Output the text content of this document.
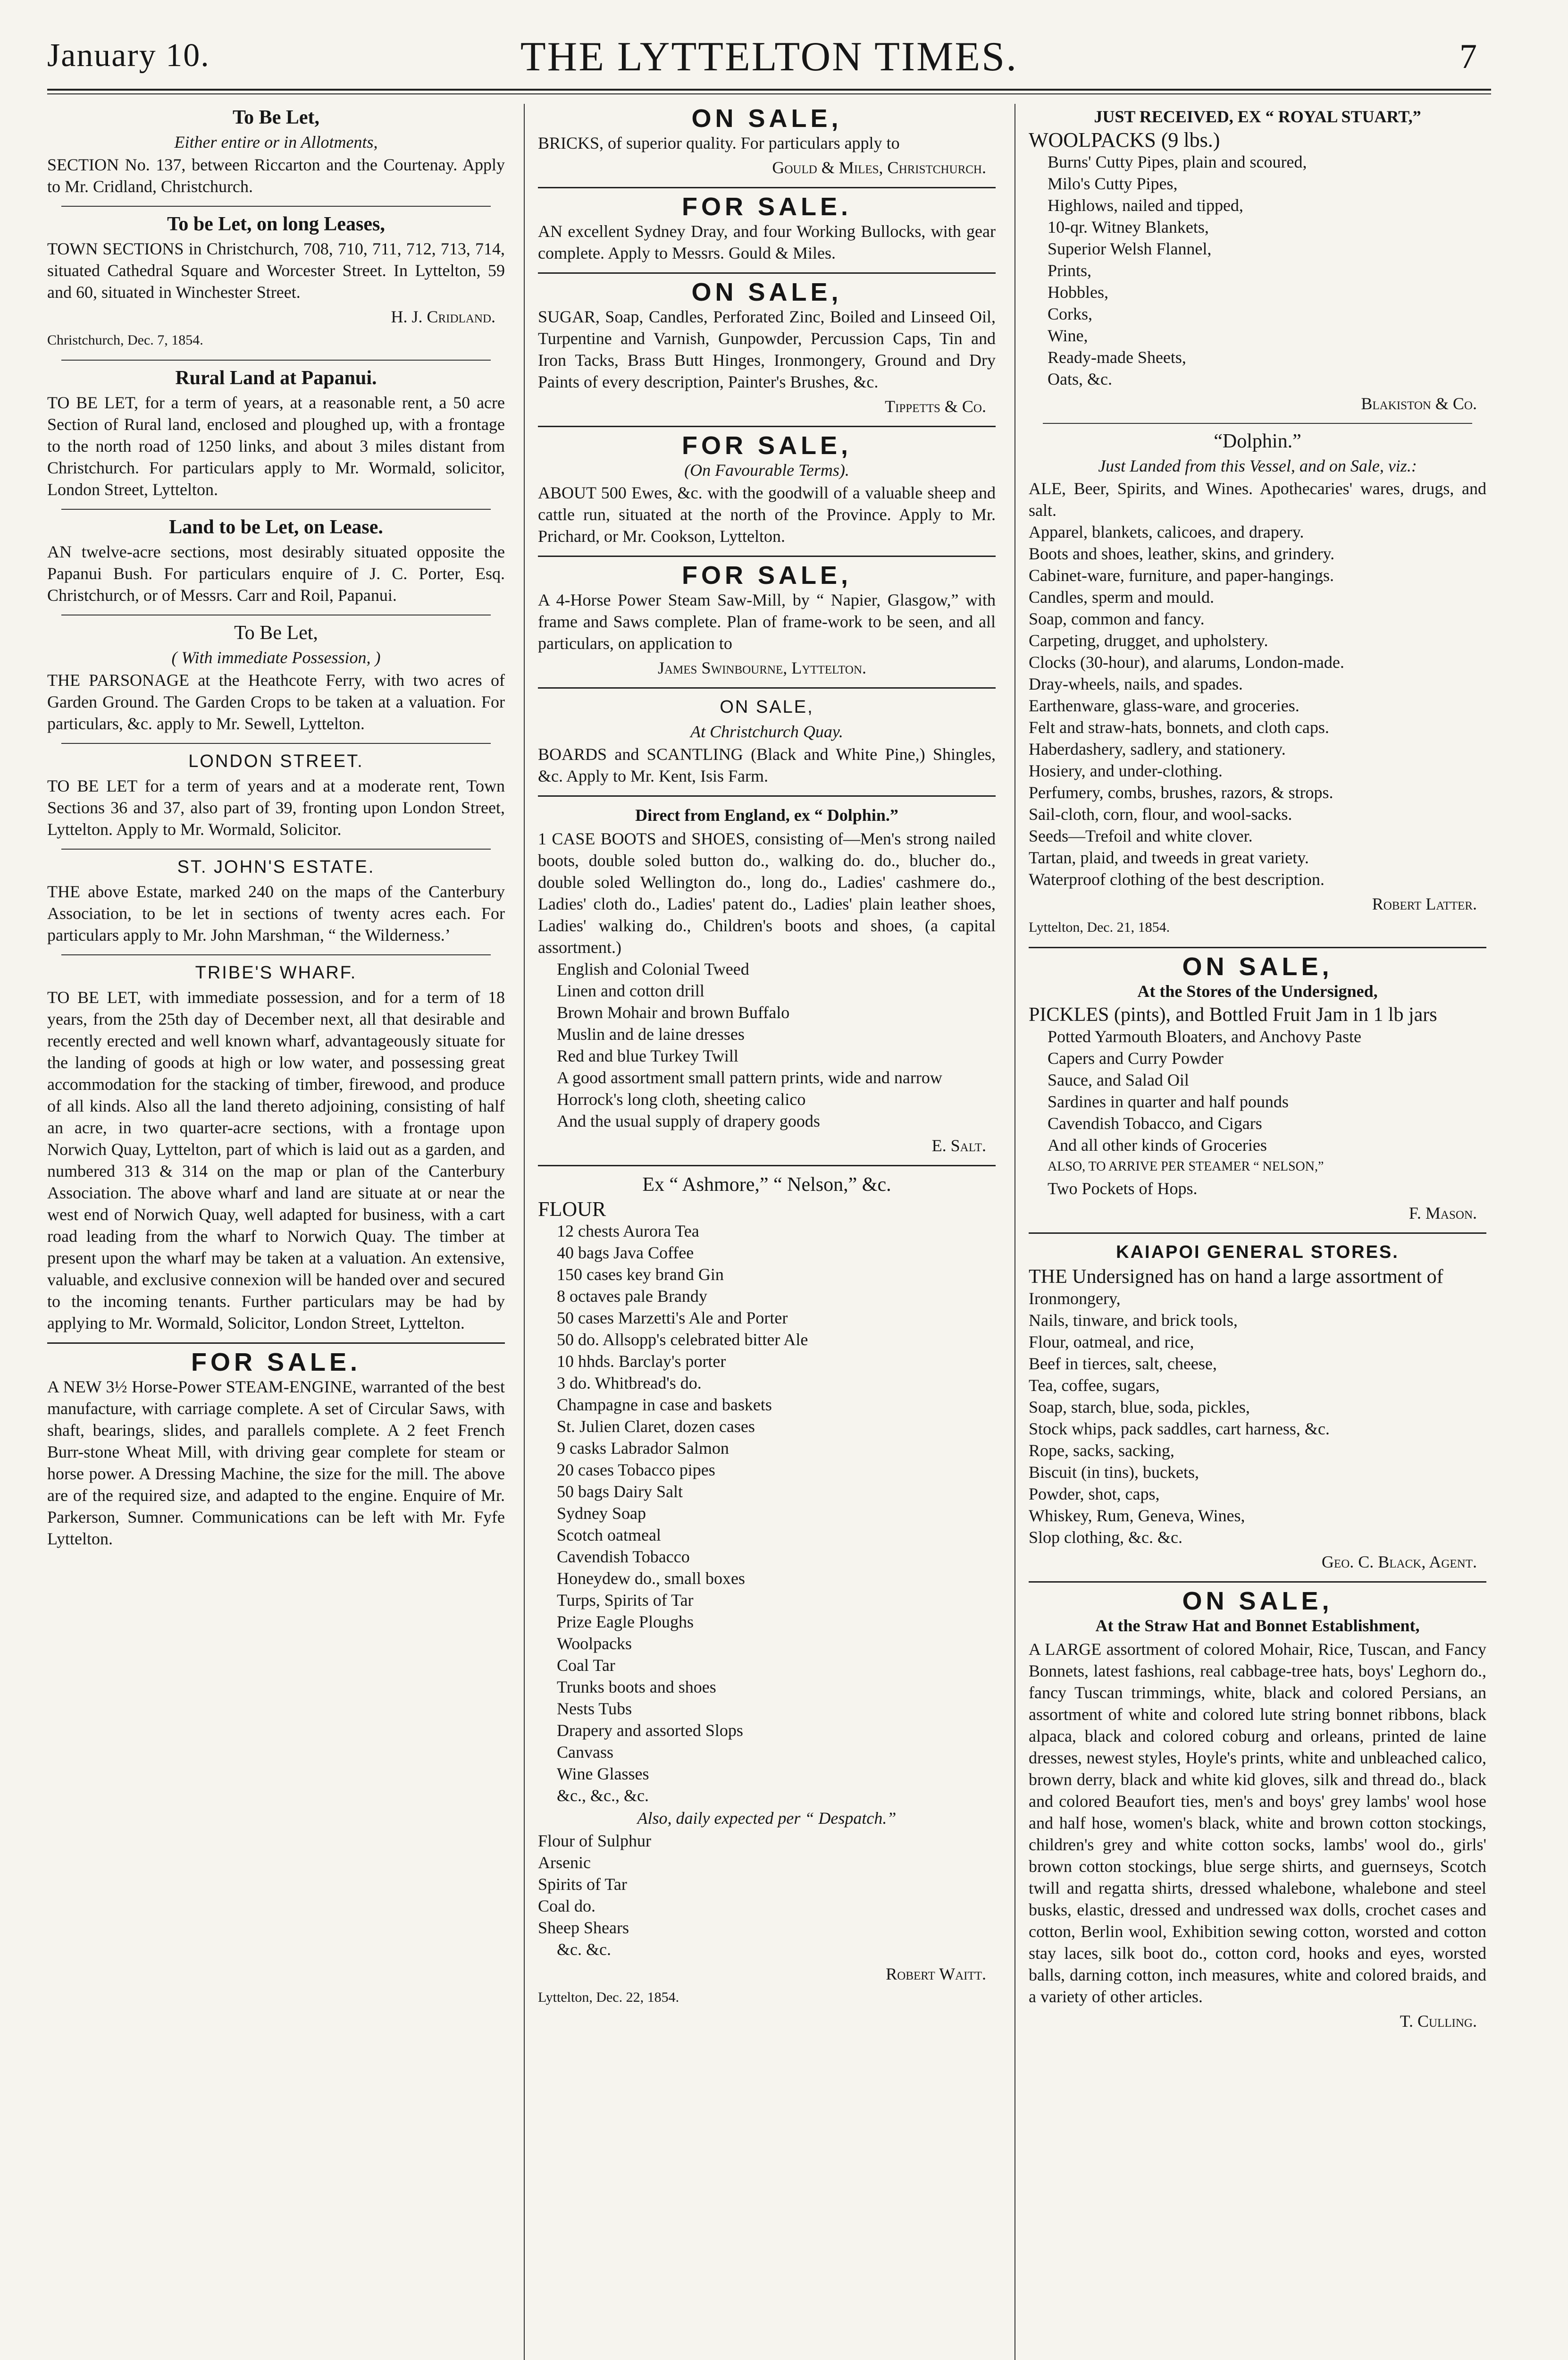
January 10.	THE LYTTELTON TIMES.	7
To Be Let,
Either entire or in Allotments,

SECTION No. 137, between Riccarton and the Courtenay. Apply to Mr. Cridland, Christchurch.

To be Let, on long Leases,

TOWN SECTIONS in Christchurch, 708, 710, 711, 712, 713, 714, situated Cathedral Square and Worcester Street. In Lyttelton, 59 and 60, situated in Winchester Street.

H. J. Cridland.
Christchurch, Dec. 7, 1854.
Rural Land at Papanui.

TO BE LET, for a term of years, at a reasonable rent, a 50 acre Section of Rural land, enclosed and ploughed up, with a frontage to the north road of 1250 links, and about 3 miles distant from Christchurch. For particulars apply to Mr. Wormald, solicitor, London Street, Lyttelton.

Land to be Let, on Lease.

AN twelve-acre sections, most desirably situated opposite the Papanui Bush. For particulars enquire of J. C. Porter, Esq. Christchurch, or of Messrs. Carr and Roil, Papanui.

To Be Let,
( With immediate Possession, )

THE PARSONAGE at the Heathcote Ferry, with two acres of Garden Ground. The Garden Crops to be taken at a valuation. For particulars, &c. apply to Mr. Sewell, Lyttelton.

LONDON STREET.

TO BE LET for a term of years and at a moderate rent, Town Sections 36 and 37, also part of 39, fronting upon London Street, Lyttelton. Apply to Mr. Wormald, Solicitor.

ST. JOHN'S ESTATE.

THE above Estate, marked 240 on the maps of the Canterbury Association, to be let in sections of twenty acres each. For particulars apply to Mr. John Marshman, “ the Wilderness.’

TRIBE'S WHARF.

TO BE LET, with immediate possession, and for a term of 18 years, from the 25th day of December next, all that desirable and recently erected and well known wharf, advantageously situate for the landing of goods at high or low water, and possessing great accommodation for the stacking of timber, firewood, and produce of all kinds. Also all the land thereto adjoining, consisting of half an acre, in two quarter-acre sections, with a frontage upon Norwich Quay, Lyttelton, part of which is laid out as a garden, and numbered 313 & 314 on the map or plan of the Canterbury Association. The above wharf and land are situate at or near the west end of Norwich Quay, well adapted for business, with a cart road leading from the wharf to Norwich Quay. The timber at present upon the wharf may be taken at a valuation. An extensive, valuable, and exclusive connexion will be handed over and secured to the incoming tenants. Further particulars may be had by applying to Mr. Wormald, Solicitor, London Street, Lyttelton.

FOR SALE.

A NEW 3½ Horse-Power STEAM-ENGINE, warranted of the best manufacture, with carriage complete. A set of Circular Saws, with shaft, bearings, slides, and parallels complete. A 2 feet French Burr-stone Wheat Mill, with driving gear complete for steam or horse power. A Dressing Machine, the size for the mill. The above are of the required size, and adapted to the engine. Enquire of Mr. Parkerson, Sumner. Communications can be left with Mr. Fyfe Lyttelton.

ON SALE,

BRICKS, of superior quality. For particulars apply to

Gould & Miles, Christchurch.
FOR SALE.

AN excellent Sydney Dray, and four Working Bullocks, with gear complete. Apply to Messrs. Gould & Miles.

ON SALE,

SUGAR, Soap, Candles, Perforated Zinc, Boiled and Linseed Oil, Turpentine and Varnish, Gunpowder, Percussion Caps, Tin and Iron Tacks, Brass Butt Hinges, Ironmongery, Ground and Dry Paints of every description, Painter's Brushes, &c.

Tippetts & Co.
FOR SALE,
(On Favourable Terms).

ABOUT 500 Ewes, &c. with the goodwill of a valuable sheep and cattle run, situated at the north of the Province. Apply to Mr. Prichard, or Mr. Cookson, Lyttelton.

FOR SALE,

A 4-Horse Power Steam Saw-Mill, by “ Napier, Glasgow,” with frame and Saws complete. Plan of frame-work to be seen, and all particulars, on application to

James Swinbourne, Lyttelton.
ON SALE,
At Christchurch Quay.

BOARDS and SCANTLING (Black and White Pine,) Shingles, &c. Apply to Mr. Kent, Isis Farm.

Direct from England, ex “ Dolphin.”

1 CASE BOOTS and SHOES, consisting of—Men's strong nailed boots, double soled button do., walking do. do., blucher do., double soled Wellington do., long do., Ladies' cashmere do., Ladies' cloth do., Ladies' patent do., Ladies' plain leather shoes, Ladies' walking do., Children's boots and shoes, (a capital assortment.)

English and Colonial Tweed
Linen and cotton drill
Brown Mohair and brown Buffalo
Muslin and de laine dresses
Red and blue Turkey Twill
A good assortment small pattern prints, wide and narrow
Horrock's long cloth, sheeting calico
And the usual supply of drapery goods
E. Salt.
Ex “ Ashmore,” “ Nelson,” &c.

FLOUR

12 chests Aurora Tea
40 bags Java Coffee
150 cases key brand Gin
8 octaves pale Brandy
50 cases Marzetti's Ale and Porter
50 do. Allsopp's celebrated bitter Ale
10 hhds. Barclay's porter
3 do. Whitbread's do.
Champagne in case and baskets
St. Julien Claret, dozen cases
9 casks Labrador Salmon
20 cases Tobacco pipes
50 bags Dairy Salt
Sydney Soap
Scotch oatmeal
Cavendish Tobacco
Honeydew do., small boxes
Turps, Spirits of Tar
Prize Eagle Ploughs
Woolpacks
Coal Tar
Trunks boots and shoes
Nests Tubs
Drapery and assorted Slops
Canvass
Wine Glasses
&c., &c., &c.
Also, daily expected per “ Despatch.”
Flour of Sulphur
Arsenic
Spirits of Tar
Coal do.
Sheep Shears
&c. &c.
Robert Waitt.
Lyttelton, Dec. 22, 1854.
JUST RECEIVED, EX “ ROYAL STUART,”

WOOLPACKS (9 lbs.)

Burns' Cutty Pipes, plain and scoured,
Milo's Cutty Pipes,
Highlows, nailed and tipped,
10-qr. Witney Blankets,
Superior Welsh Flannel,
Prints,
Hobbles,
Corks,
Wine,
Ready-made Sheets,
Oats, &c.
Blakiston & Co.
“Dolphin.”
Just Landed from this Vessel, and on Sale, viz.:

ALE, Beer, Spirits, and Wines. Apothecaries' wares, drugs, and salt.

Apparel, blankets, calicoes, and drapery.
Boots and shoes, leather, skins, and grindery.
Cabinet-ware, furniture, and paper-hangings.
Candles, sperm and mould.
Soap, common and fancy.
Carpeting, drugget, and upholstery.
Clocks (30-hour), and alarums, London-made.
Dray-wheels, nails, and spades.
Earthenware, glass-ware, and groceries.
Felt and straw-hats, bonnets, and cloth caps.
Haberdashery, sadlery, and stationery.
Hosiery, and under-clothing.
Perfumery, combs, brushes, razors, & strops.
Sail-cloth, corn, flour, and wool-sacks.
Seeds—Trefoil and white clover.
Tartan, plaid, and tweeds in great variety.
Waterproof clothing of the best description.
Robert Latter.
Lyttelton, Dec. 21, 1854.
ON SALE,
At the Stores of the Undersigned,

PICKLES (pints), and Bottled Fruit Jam in 1 lb jars

Potted Yarmouth Bloaters, and Anchovy Paste
Capers and Curry Powder
Sauce, and Salad Oil
Sardines in quarter and half pounds
Cavendish Tobacco, and Cigars
And all other kinds of Groceries
ALSO, TO ARRIVE PER STEAMER “ NELSON,”
Two Pockets of Hops.
F. Mason.
KAIAPOI GENERAL STORES.

THE Undersigned has on hand a large assortment of

Ironmongery,
Nails, tinware, and brick tools,
Flour, oatmeal, and rice,
Beef in tierces, salt, cheese,
Tea, coffee, sugars,
Soap, starch, blue, soda, pickles,
Stock whips, pack saddles, cart harness, &c.
Rope, sacks, sacking,
Biscuit (in tins), buckets,
Powder, shot, caps,
Whiskey, Rum, Geneva, Wines,
Slop clothing, &c. &c.
Geo. C. Black, Agent.
ON SALE,
At the Straw Hat and Bonnet Establishment,

A LARGE assortment of colored Mohair, Rice, Tuscan, and Fancy Bonnets, latest fashions, real cabbage-tree hats, boys' Leghorn do., fancy Tuscan trimmings, white, black and colored Persians, an assortment of white and colored lute string bonnet ribbons, black alpaca, black and colored coburg and orleans, printed de laine dresses, newest styles, Hoyle's prints, white and unbleached calico, brown derry, black and white kid gloves, silk and thread do., black and colored Beaufort ties, men's and boys' grey lambs' wool hose and half hose, women's black, white and brown cotton stockings, children's grey and white cotton socks, lambs' wool do., girls' brown cotton stockings, blue serge shirts, and guernseys, Scotch twill and regatta shirts, dressed whalebone, whalebone and steel busks, elastic, dressed and undressed wax dolls, crochet cases and cotton, Berlin wool, Exhibition sewing cotton, worsted and cotton stay laces, silk boot do., cotton cord, hooks and eyes, worsted balls, darning cotton, inch measures, white and colored braids, and a variety of other articles.

T. Culling.
